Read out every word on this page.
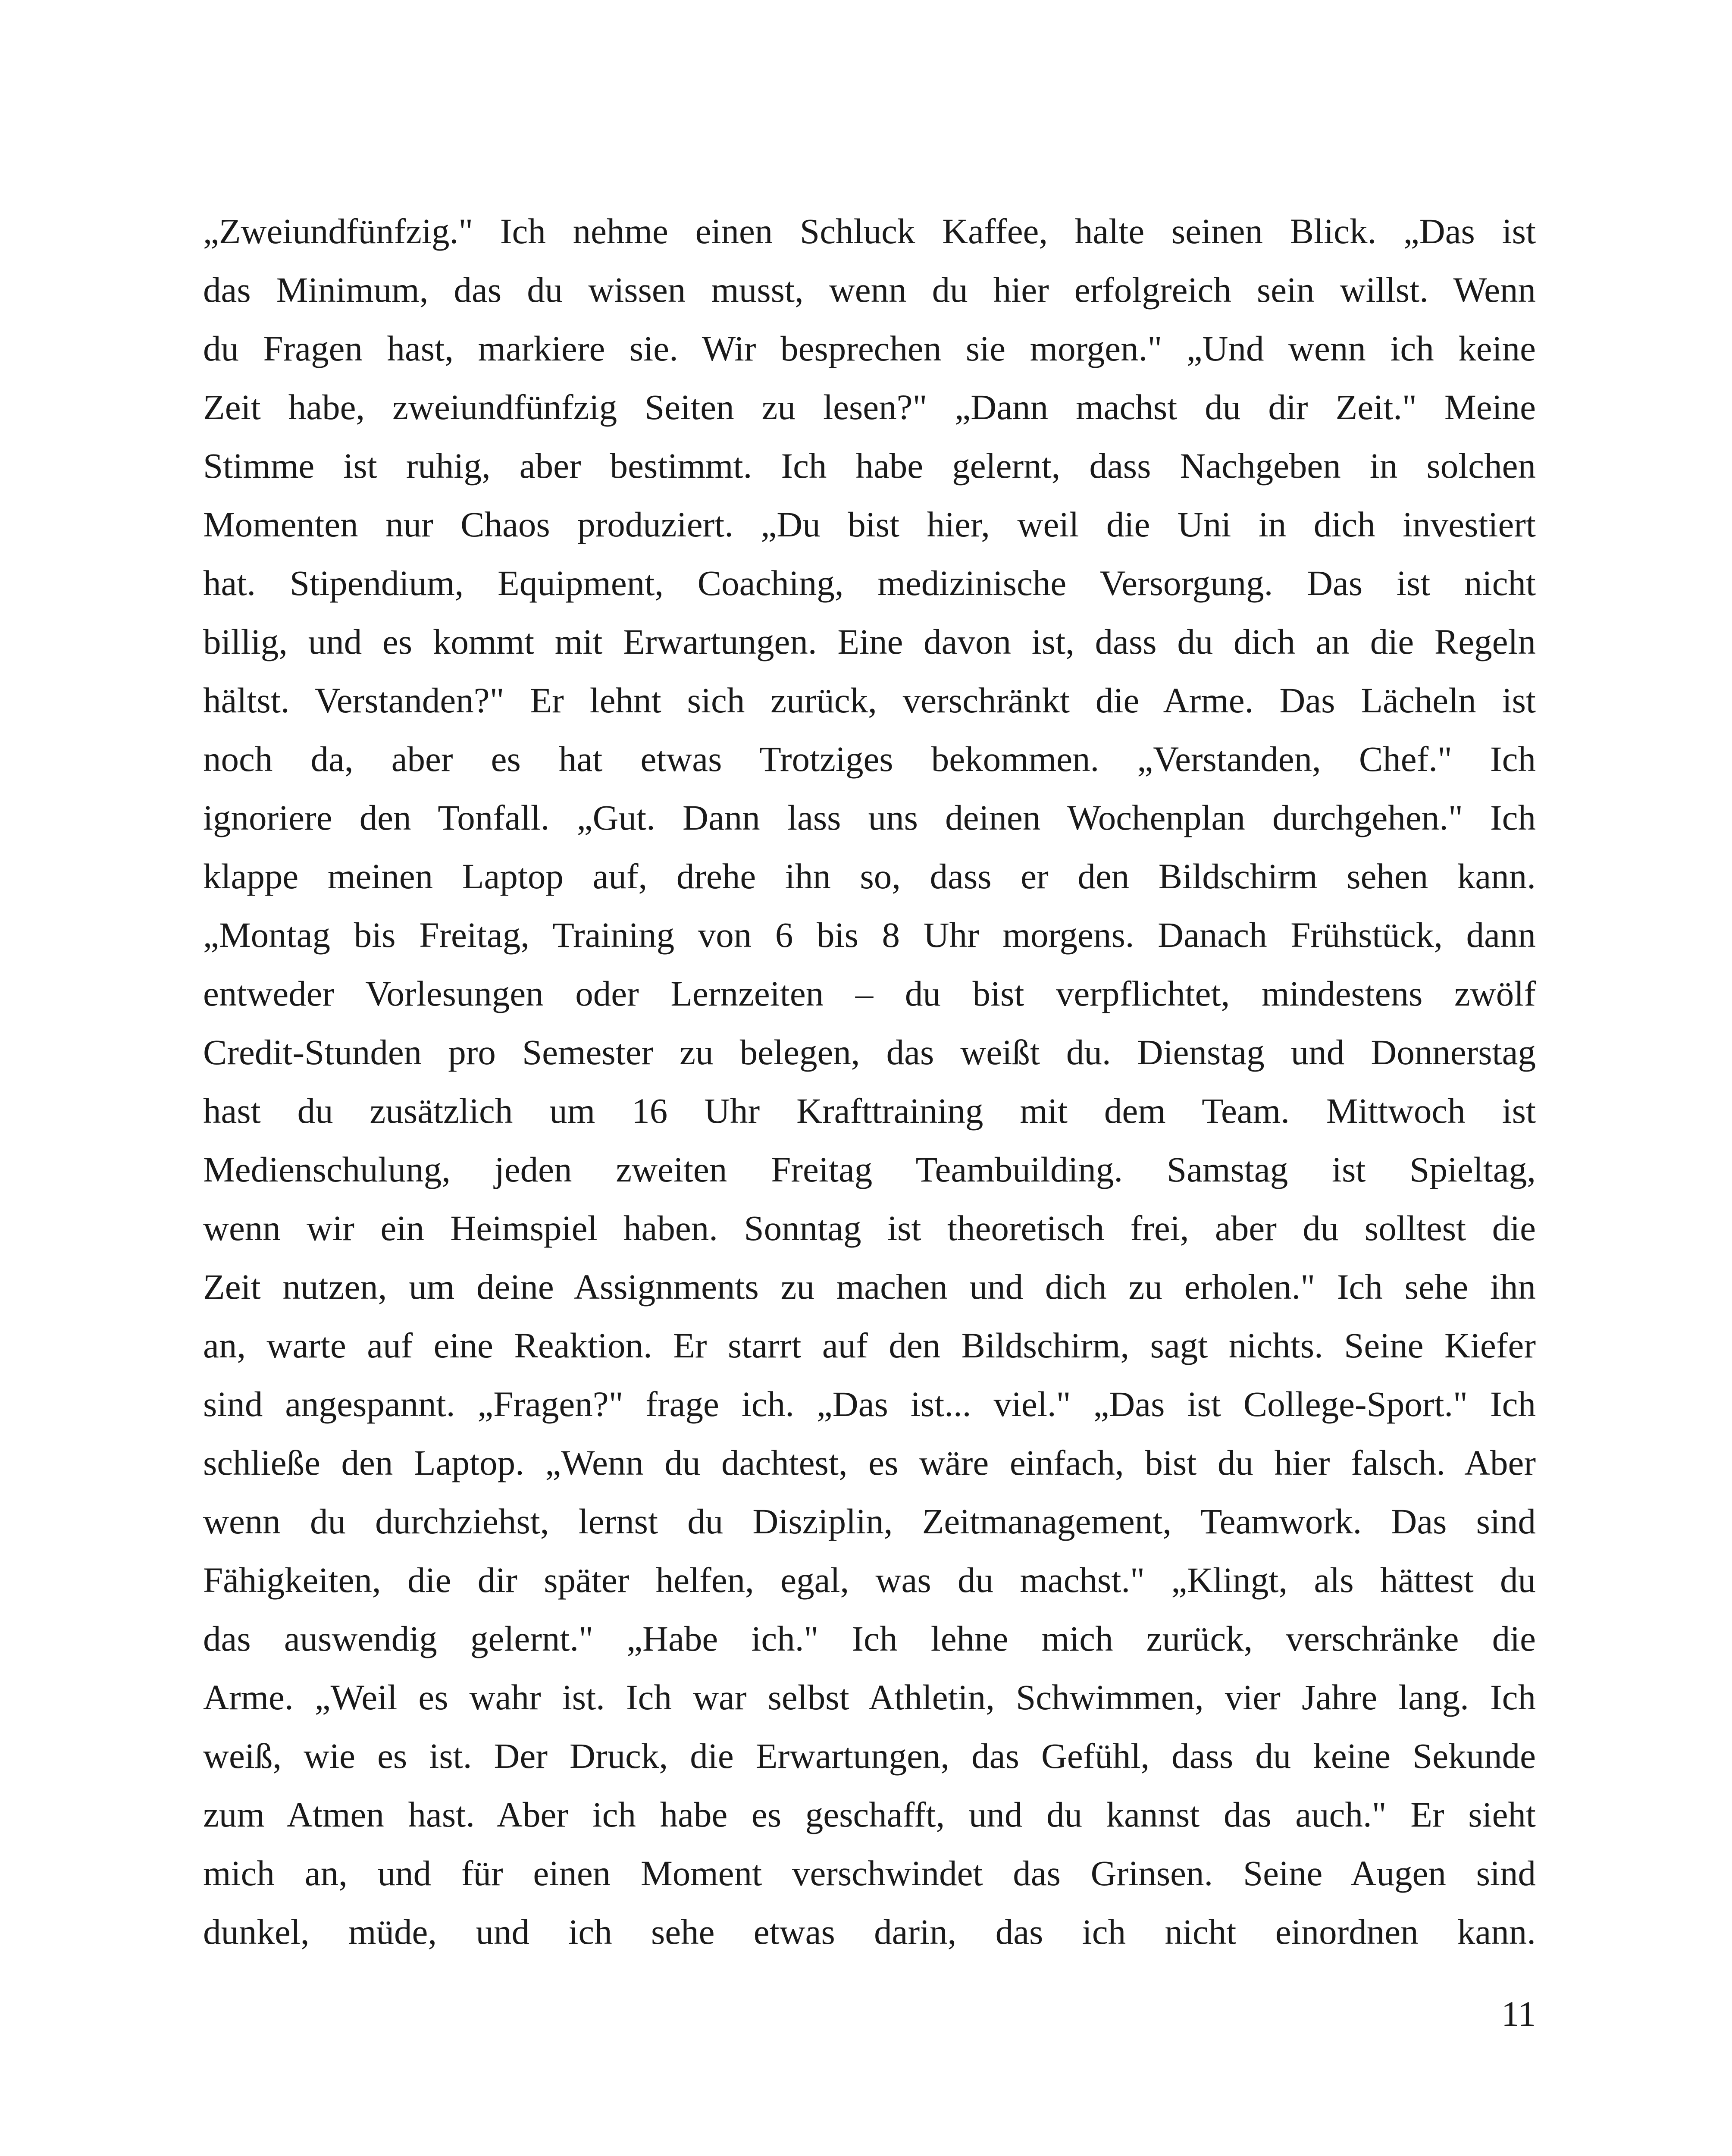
„Zweiundfünfzig." Ich nehme einen Schluck Kaffee, halte seinen Blick. „Das ist
das Minimum, das du wissen musst, wenn du hier erfolgreich sein willst. Wenn
du Fragen hast, markiere sie. Wir besprechen sie morgen." „Und wenn ich keine
Zeit habe, zweiundfünfzig Seiten zu lesen?" „Dann machst du dir Zeit." Meine
Stimme ist ruhig, aber bestimmt. Ich habe gelernt, dass Nachgeben in solchen
Momenten nur Chaos produziert. „Du bist hier, weil die Uni in dich investiert
hat. Stipendium, Equipment, Coaching, medizinische Versorgung. Das ist nicht
billig, und es kommt mit Erwartungen. Eine davon ist, dass du dich an die Regeln
hältst. Verstanden?" Er lehnt sich zurück, verschränkt die Arme. Das Lächeln ist
noch da, aber es hat etwas Trotziges bekommen. „Verstanden, Chef." Ich
ignoriere den Tonfall. „Gut. Dann lass uns deinen Wochenplan durchgehen." Ich
klappe meinen Laptop auf, drehe ihn so, dass er den Bildschirm sehen kann.
„Montag bis Freitag, Training von 6 bis 8 Uhr morgens. Danach Frühstück, dann
entweder Vorlesungen oder Lernzeiten – du bist verpflichtet, mindestens zwölf
Credit-Stunden pro Semester zu belegen, das weißt du. Dienstag und Donnerstag
hast du zusätzlich um 16 Uhr Krafttraining mit dem Team. Mittwoch ist
Medienschulung, jeden zweiten Freitag Teambuilding. Samstag ist Spieltag,
wenn wir ein Heimspiel haben. Sonntag ist theoretisch frei, aber du solltest die
Zeit nutzen, um deine Assignments zu machen und dich zu erholen." Ich sehe ihn
an, warte auf eine Reaktion. Er starrt auf den Bildschirm, sagt nichts. Seine Kiefer
sind angespannt. „Fragen?" frage ich. „Das ist... viel." „Das ist College-Sport." Ich
schließe den Laptop. „Wenn du dachtest, es wäre einfach, bist du hier falsch. Aber
wenn du durchziehst, lernst du Disziplin, Zeitmanagement, Teamwork. Das sind
Fähigkeiten, die dir später helfen, egal, was du machst." „Klingt, als hättest du
das auswendig gelernt." „Habe ich." Ich lehne mich zurück, verschränke die
Arme. „Weil es wahr ist. Ich war selbst Athletin, Schwimmen, vier Jahre lang. Ich
weiß, wie es ist. Der Druck, die Erwartungen, das Gefühl, dass du keine Sekunde
zum Atmen hast. Aber ich habe es geschafft, und du kannst das auch." Er sieht
mich an, und für einen Moment verschwindet das Grinsen. Seine Augen sind
dunkel, müde, und ich sehe etwas darin, das ich nicht einordnen kann.
11
